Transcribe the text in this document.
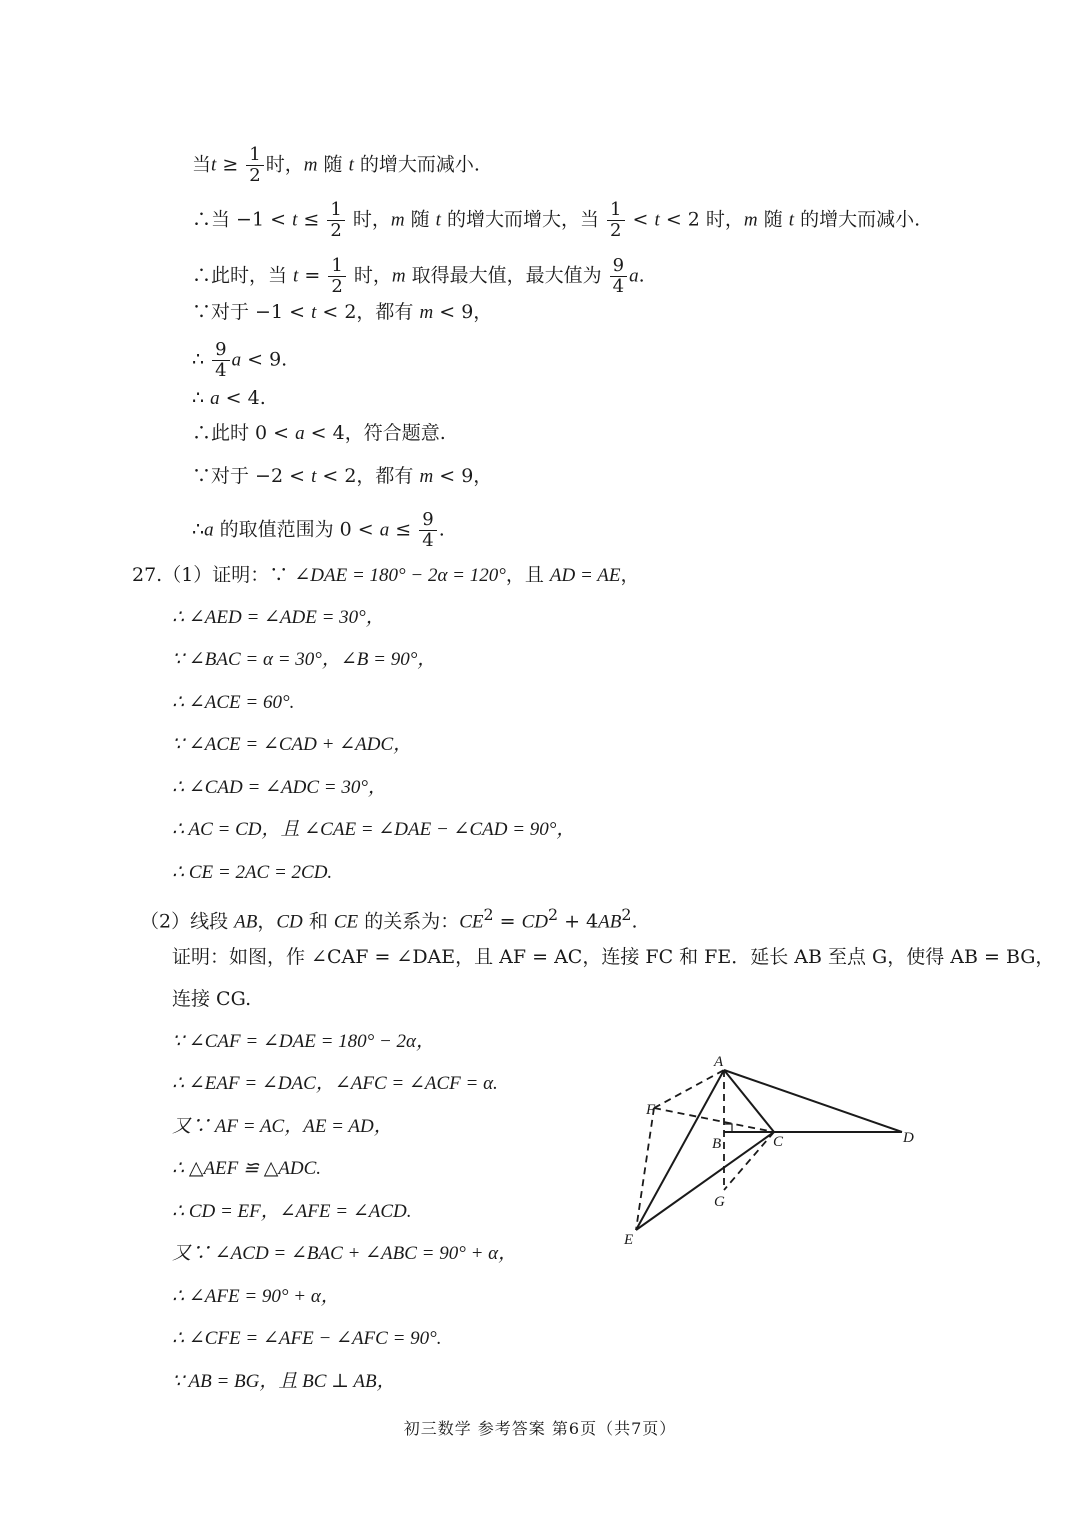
当$t \ge \frac{1}{2}$ 时，m 随 t 的增大而减小.
∴当 $-1 < t \le \frac{1}{2}$ 时，m 随 t 的增大而增大，当 $\frac{1}{2} < t < 2$ 时，m 随 t 的增大而减小.
∴此时，当 $t = \frac{1}{2}$ 时，m 取得最大值，最大值为 $\frac{9}{4} a$.
∵对于 −1 < t < 2，都有 m < 9，
∴ $\frac{9}{4}$ a < 9.
∴ a < 4.
∴此时 0 < a < 4，符合题意.
∵对于 −2 < t < 2，都有 m < 9，
∴a 的取值范围为 $0 < a \le \frac{9}{4}$ .
27.（1）证明：∵ ∠DAE = 180° − 2α = 120°，且 AD = AE，
∴ ∠AED = ∠ADE = 30°，
∵ ∠BAC = α = 30°，∠B = 90°，
∴ ∠ACE = 60°.
∵ ∠ACE = ∠CAD + ∠ADC，
∴ ∠CAD = ∠ADC = 30°，
∴ AC = CD，且 ∠CAE = ∠DAE − ∠CAD = 90°，
∴ CE = 2AC = 2CD.
（2）线段 AB，CD 和 CE 的关系为：$CE^2 = CD^2 + 4AB^2$.
证明：如图，作 ∠CAF = ∠DAE，且 AF = AC，连接 FC 和 FE．延长 AB 至点 G，使得 AB = BG，
连接 CG.
∵ ∠CAF = ∠DAE = 180° − 2α，
∴ ∠EAF = ∠DAC，∠AFC = ∠ACF = α.
又∵ AF = AC，AE = AD，
∴ △AEF ≌ △ADC.
∴ CD = EF，∠AFE = ∠ACD.
又∵ ∠ACD = ∠BAC + ∠ABC = 90° + α，
∴ ∠AFE = 90° + α，
∴ ∠CFE = ∠AFE − ∠AFC = 90°.
∵ AB = BG，且 BC ⊥ AB，
A
B	C	D
E
F
G
初三数学 参考答案 第6页（共7页）
